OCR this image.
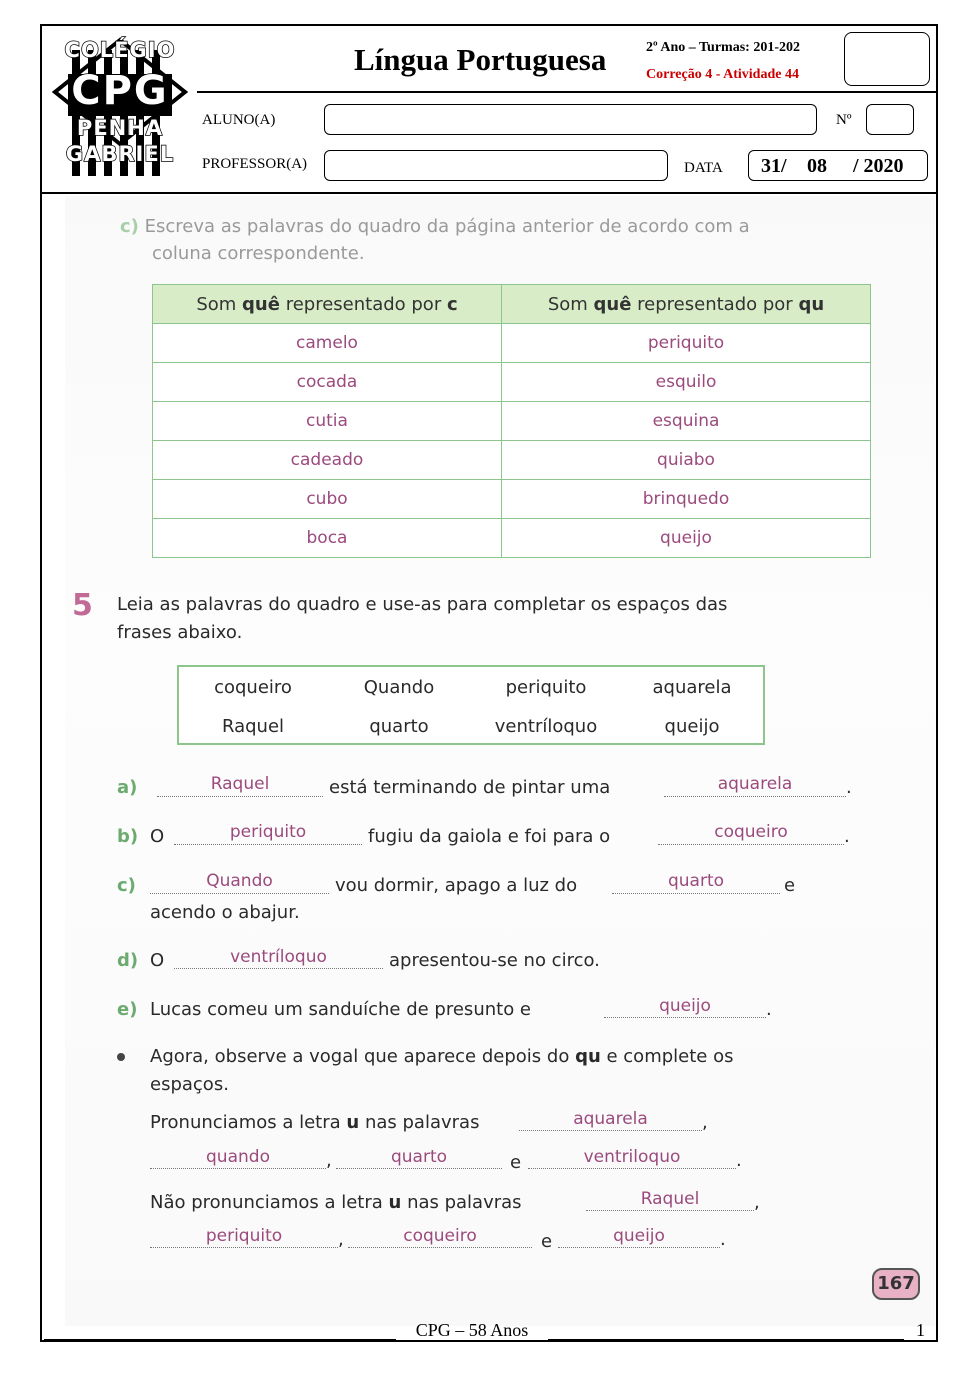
COLÉGIO
CPG
PENHA
GABRIEL
Língua Portuguesa	2º Ano – Turmas: 201-202
Correção 4 - Atividade 44
ALUNO(A)	Nº
PROFESSOR(A)	DATA 31/ 08 / 2020
c) Escreva as palavras do quadro da página anterior de acordo com a
coluna correspondente.
Som quê representado por c	Som quê representado por qu
camelo	periquito
cocada	esquilo
cutia	esquina
cadeado	quiabo
cubo	brinquedo
boca	queijo
5 Leia as palavras do quadro e use-as para completar os espaços das
frases abaixo.
coqueiro	Quando	periquito	aquarela
Raquel	quarto	ventríloquo	queijo
a)	Raquel	está terminando de pintar uma	aquarela	.
b) O	periquito	fugiu da gaiola e foi para o	coqueiro	.
c)	Quando	vou dormir, apago a luz do	quarto	e
acendo o abajur.
d) O	ventríloquo	apresentou-se no circo.
e) Lucas comeu um sanduíche de presunto e	queijo	.
Agora, observe a vogal que aparece depois do qu e complete os
espaços.
Pronunciamos a letra u nas palavras	aquarela	,
quando	,	quarto	e	ventriloquo	.
Não pronunciamos a letra u nas palavras	Raquel	,
periquito	,	coqueiro	e	queijo	.
167
CPG – 58 Anos	1
